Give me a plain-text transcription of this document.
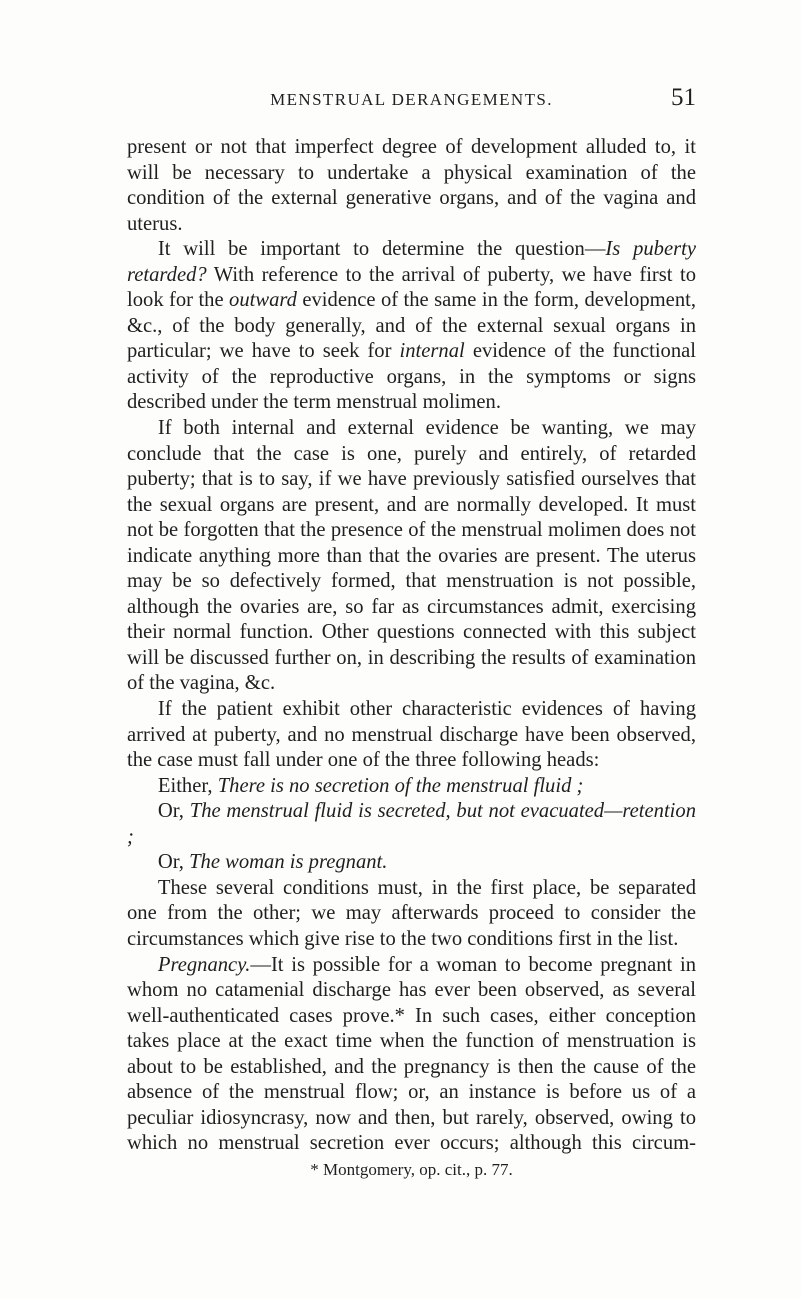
MENSTRUAL DERANGEMENTS.	51

present or not that imperfect degree of development alluded to, it will be necessary to undertake a physical examination of the condition of the external generative organs, and of the vagina and uterus.

It will be important to determine the question—Is puberty retarded? With reference to the arrival of puberty, we have first to look for the outward evidence of the same in the form, development, &c., of the body generally, and of the external sexual organs in particular; we have to seek for internal evidence of the functional activity of the reproductive organs, in the symptoms or signs described under the term menstrual molimen.

If both internal and external evidence be wanting, we may conclude that the case is one, purely and entirely, of retarded puberty; that is to say, if we have previously satisfied ourselves that the sexual organs are present, and are normally developed. It must not be forgotten that the presence of the menstrual molimen does not indicate anything more than that the ovaries are present. The uterus may be so defectively formed, that menstruation is not possible, although the ovaries are, so far as circumstances admit, exercising their normal function. Other questions connected with this subject will be discussed further on, in describing the results of examination of the vagina, &c.

If the patient exhibit other characteristic evidences of having arrived at puberty, and no menstrual discharge have been observed, the case must fall under one of the three following heads:

Either, There is no secretion of the menstrual fluid ;

Or, The menstrual fluid is secreted, but not evacuated—retention ;

Or, The woman is pregnant.

These several conditions must, in the first place, be separated one from the other; we may afterwards proceed to consider the circumstances which give rise to the two conditions first in the list.

Pregnancy.—It is possible for a woman to become pregnant in whom no catamenial discharge has ever been observed, as several well-authenticated cases prove.* In such cases, either conception takes place at the exact time when the function of menstruation is about to be established, and the pregnancy is then the cause of the absence of the menstrual flow; or, an instance is before us of a peculiar idiosyncrasy, now and then, but rarely, observed, owing to which no menstrual secretion ever occurs; although this circum-

* Montgomery, op. cit., p. 77.
